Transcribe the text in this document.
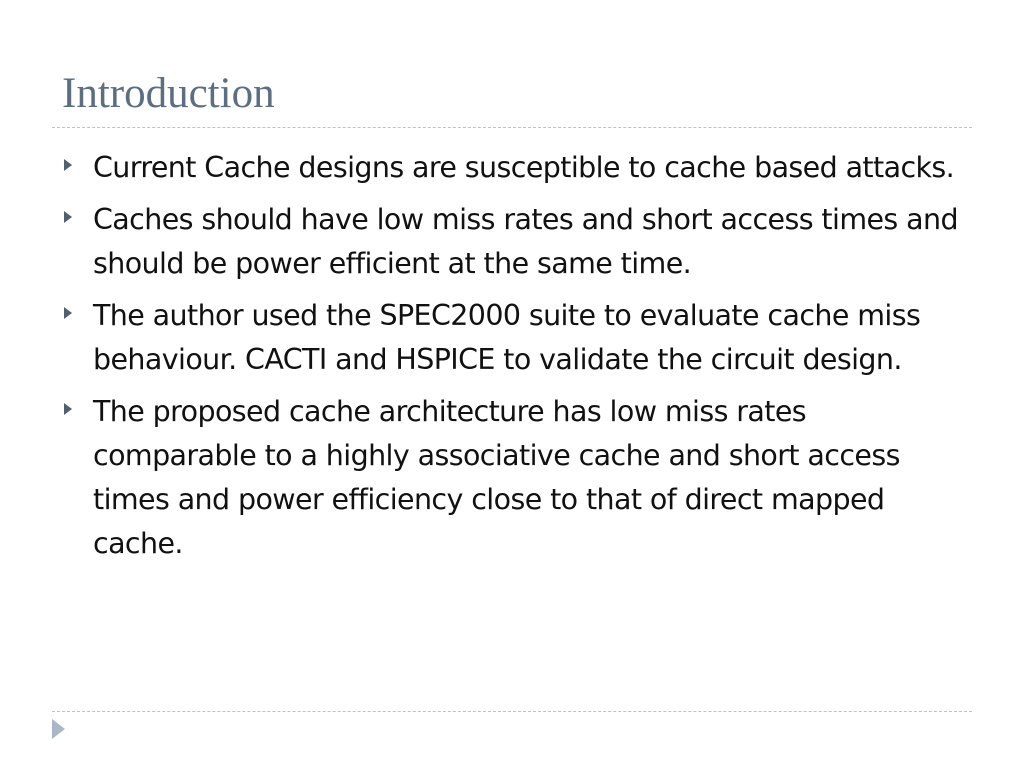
Introduction
Current Cache designs are susceptible to cache based attacks.
Caches should have low miss rates and short access times and should be power efficient at the same time.
The author used the SPEC2000 suite to evaluate cache miss behaviour. CACTI and HSPICE to validate the circuit design.
The proposed cache architecture has low miss rates comparable to a highly associative cache and short access times and power efficiency close to that of direct mapped cache.
